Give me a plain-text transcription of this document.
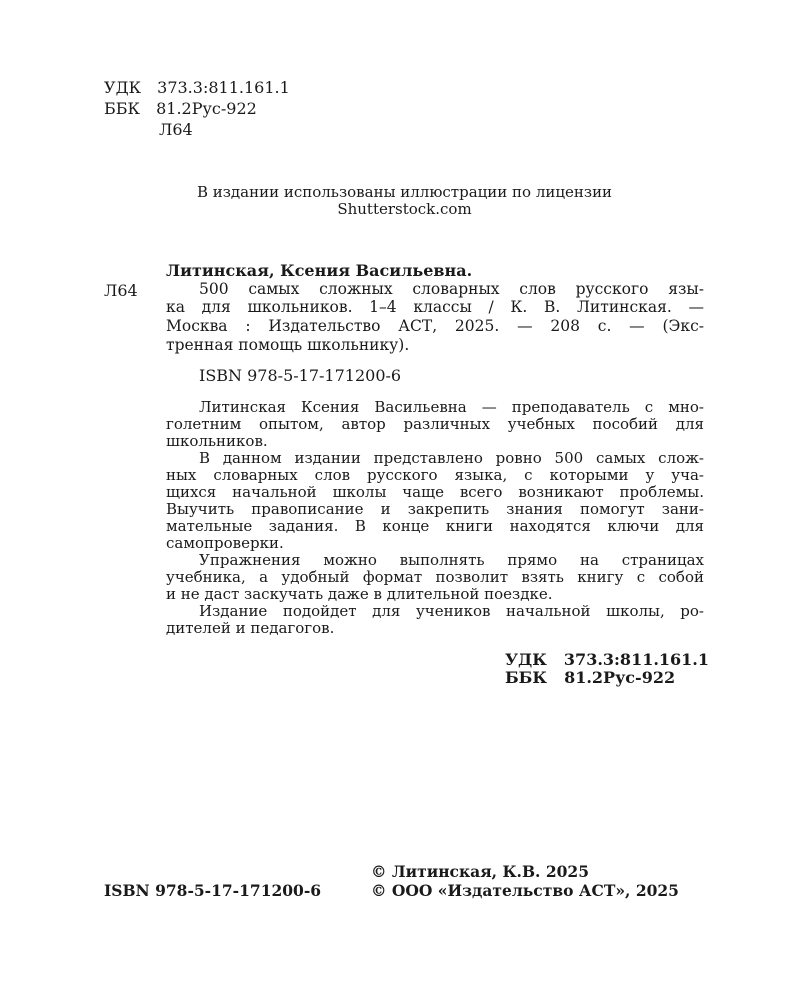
УДК 373.3:811.161.1
ББК 81.2Рус-922
Л64
В издании использованы иллюстрации по лицензии
Shutterstock.com
Литинская, Ксения Васильевна.
Л64	500 самых сложных словарных слов русского язы-
ка для школьников. 1–4 классы / К. В. Литинская. —
Москва : Издательство АСТ, 2025. — 208 с. — (Экс-
тренная помощь школьнику).
ISBN 978-5-17-171200-6
Литинская Ксения Васильевна — преподаватель с мно-
голетним опытом, автор различных учебных пособий для
школьников.
В данном издании представлено ровно 500 самых слож-
ных словарных слов русского языка, с которыми у уча-
щихся начальной школы чаще всего возникают проблемы.
Выучить правописание и закрепить знания помогут зани-
мательные задания. В конце книги находятся ключи для
самопроверки.
Упражнения можно выполнять прямо на страницах
учебника, а удобный формат позволит взять книгу с собой
и не даст заскучать даже в длительной поездке.
Издание подойдет для учеников начальной школы, ро-
дителей и педагогов.
УДК 373.3:811.161.1
ББК 81.2Рус-922
© Литинская, К.В. 2025
ISBN 978-5-17-171200-6	© ООО «Издательство АСТ», 2025
